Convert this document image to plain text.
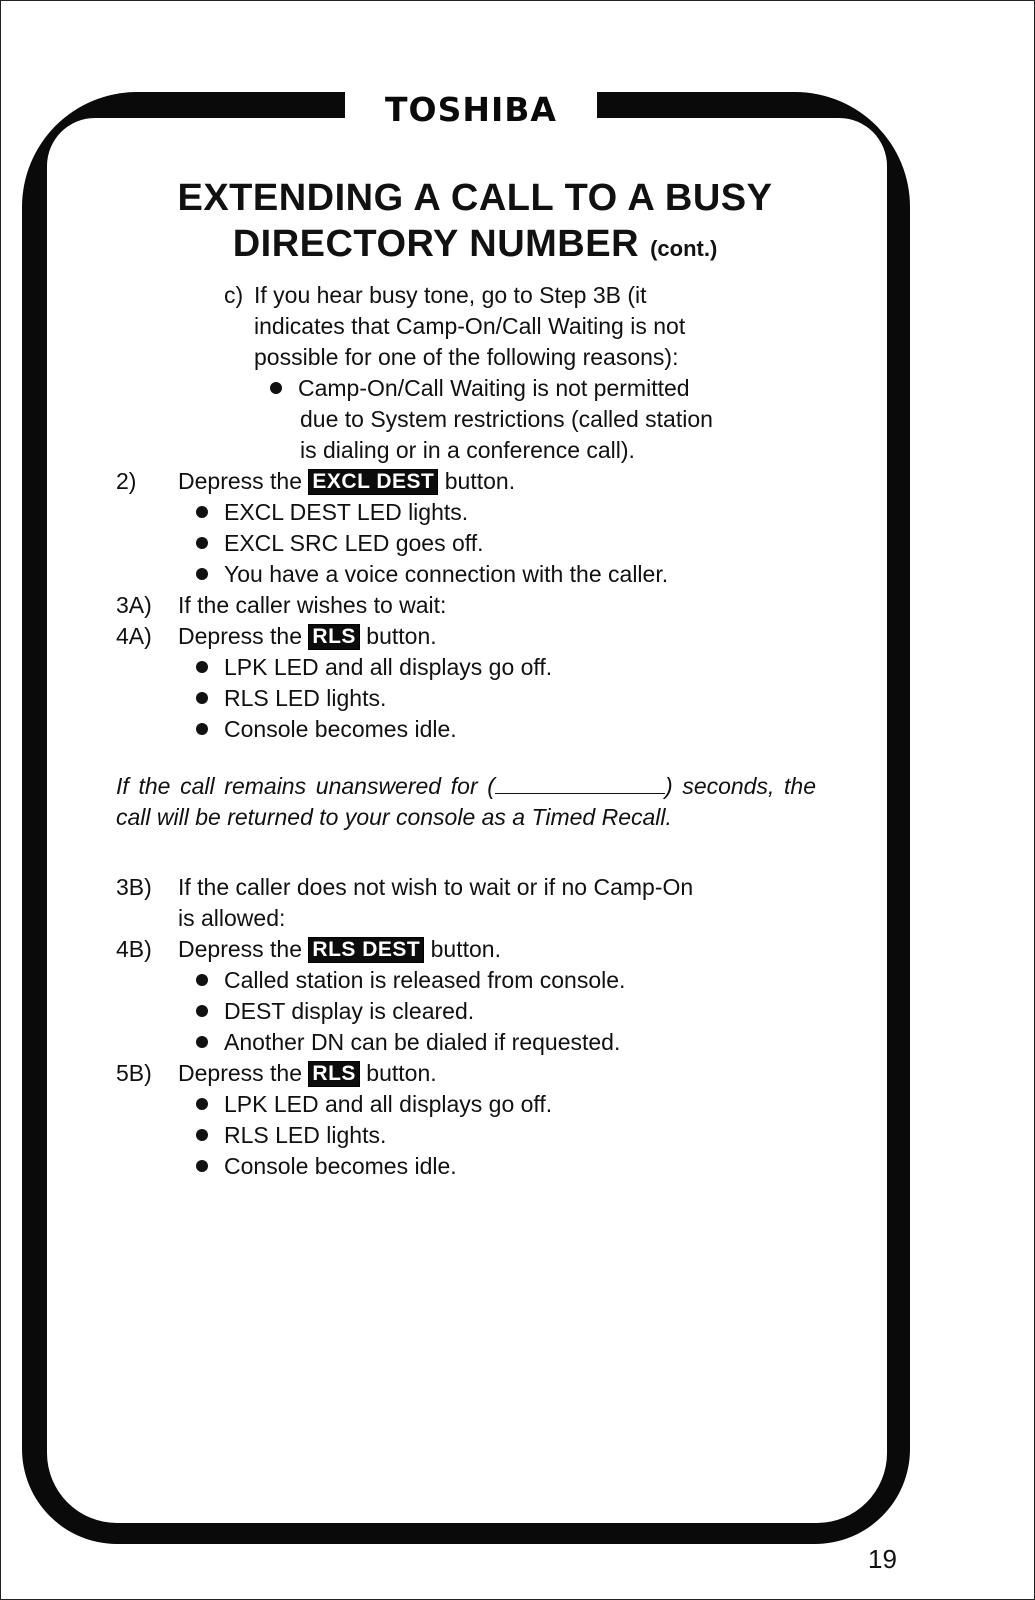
TOSHIBA
EXTENDING A CALL TO A BUSY
DIRECTORY NUMBER (cont.)
c) If you hear busy tone, go to Step 3B (it
indicates that Camp-On/Call Waiting is not
possible for one of the following reasons):
Camp-On/Call Waiting is not permitted
due to System restrictions (called station
is dialing or in a conference call).
2) Depress the EXCL DEST button.
EXCL DEST LED lights.
EXCL SRC LED goes off.
You have a voice connection with the caller.
3A) If the caller wishes to wait:
4A) Depress the RLS button.
LPK LED and all displays go off.
RLS LED lights.
Console becomes idle.
If the call remains unanswered for (	) seconds, the call will be returned to your console as a Timed Recall.
3B) If the caller does not wish to wait or if no Camp-On
is allowed:
4B) Depress the RLS DEST button.
Called station is released from console.
DEST display is cleared.
Another DN can be dialed if requested.
5B) Depress the RLS button.
LPK LED and all displays go off.
RLS LED lights.
Console becomes idle.
19
